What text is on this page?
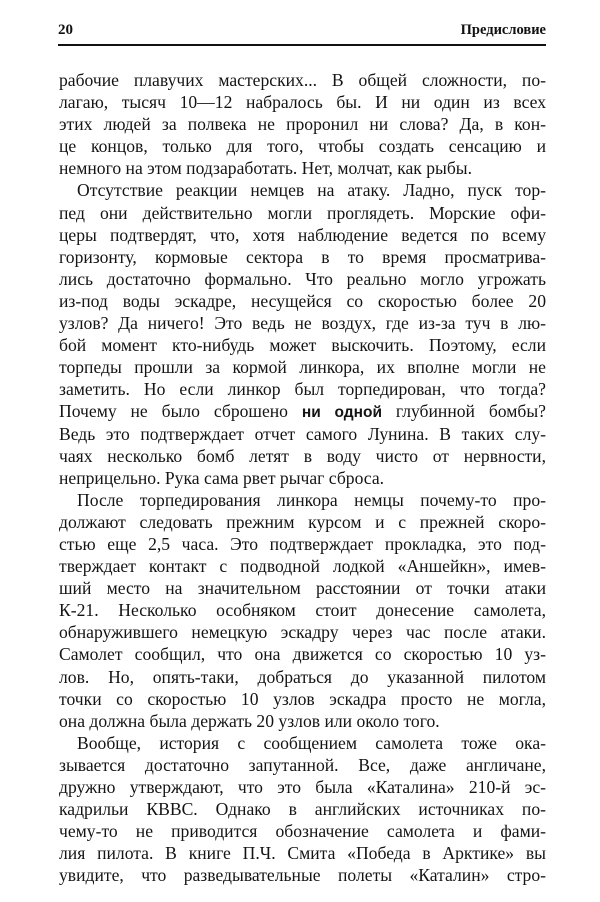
20	Предисловие
рабочие плавучих мастерских... В общей сложности, по-
лагаю, тысяч 10—12 набралось бы. И ни один из всех
этих людей за полвека не проронил ни слова? Да, в кон-
це концов, только для того, чтобы создать сенсацию и
немного на этом подзаработать. Нет, молчат, как рыбы.
Отсутствие реакции немцев на атаку. Ладно, пуск тор-
пед они действительно могли проглядеть. Морские офи-
церы подтвердят, что, хотя наблюдение ведется по всему
горизонту, кормовые сектора в то время просматрива-
лись достаточно формально. Что реально могло угрожать
из-под воды эскадре, несущейся со скоростью более 20
узлов? Да ничего! Это ведь не воздух, где из-за туч в лю-
бой момент кто-нибудь может выскочить. Поэтому, если
торпеды прошли за кормой линкора, их вполне могли не
заметить. Но если линкор был торпедирован, что тогда?
Почему не было сброшено ни одной глубинной бомбы?
Ведь это подтверждает отчет самого Лунина. В таких слу-
чаях несколько бомб летят в воду чисто от нервности,
неприцельно. Рука сама рвет рычаг сброса.
После торпедирования линкора немцы почему-то про-
должают следовать прежним курсом и с прежней скоро-
стью еще 2,5 часа. Это подтверждает прокладка, это под-
тверждает контакт с подводной лодкой «Аншейкн», имев-
ший место на значительном расстоянии от точки атаки
К-21. Несколько особняком стоит донесение самолета,
обнаружившего немецкую эскадру через час после атаки.
Самолет сообщил, что она движется со скоростью 10 уз-
лов. Но, опять-таки, добраться до указанной пилотом
точки со скоростью 10 узлов эскадра просто не могла,
она должна была держать 20 узлов или около того.
Вообще, история с сообщением самолета тоже ока-
зывается достаточно запутанной. Все, даже англичане,
дружно утверждают, что это была «Каталина» 210-й эс-
кадрильи КВВС. Однако в английских источниках по-
чему-то не приводится обозначение самолета и фами-
лия пилота. В книге П.Ч. Смита «Победа в Арктике» вы
увидите, что разведывательные полеты «Каталин» стро-
